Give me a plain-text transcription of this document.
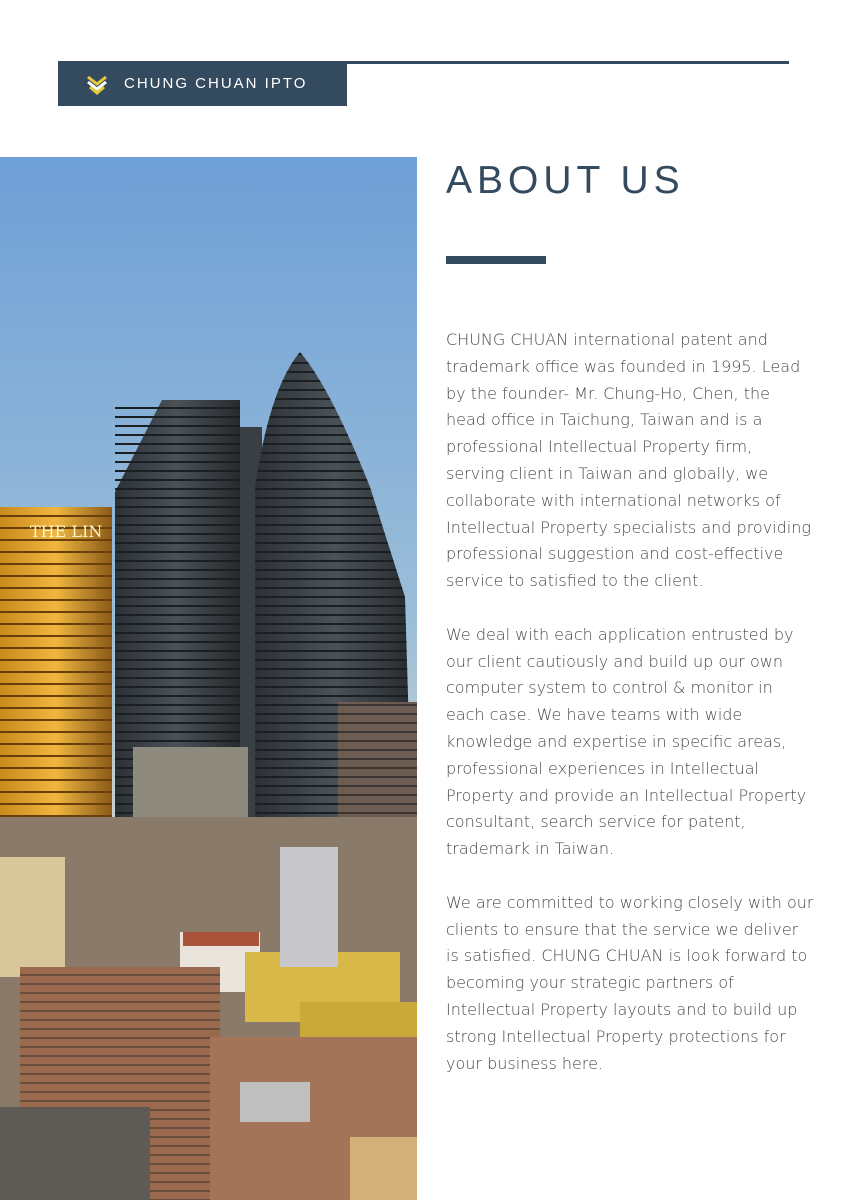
CHUNG CHUAN IPTO
THE LIN
ABOUT US

CHUNG CHUAN international patent and trademark office was founded in 1995. Lead by the founder- Mr. Chung-Ho, Chen, the head office in Taichung, Taiwan and is a professional Intellectual Property firm, serving client in Taiwan and globally, we collaborate with international networks of Intellectual Property specialists and providing professional suggestion and cost-effective service to satisfied to the client.

We deal with each application entrusted by our client cautiously and build up our own computer system to control & monitor in each case. We have teams with wide knowledge and expertise in specific areas, professional experiences in Intellectual Property and provide an Intellectual Property consultant, search service for patent, trademark in Taiwan.

We are committed to working closely with our clients to ensure that the service we deliver is satisfied. CHUNG CHUAN is look forward to becoming your strategic partners of Intellectual Property layouts and to build up strong Intellectual Property protections for your business here.
